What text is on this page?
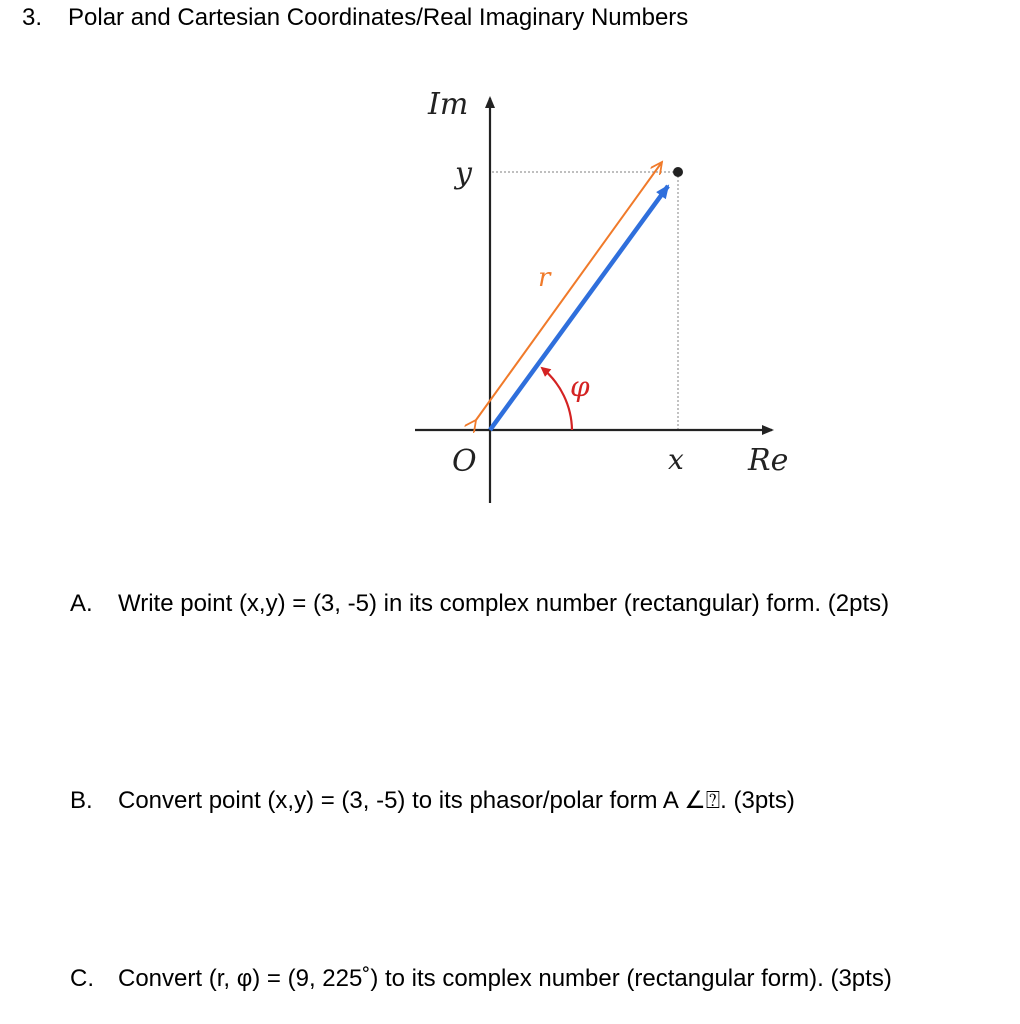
3. Polar and Cartesian Coordinates/Real Imaginary Numbers
Im
y
r
φ
O	x Re
A. Write point (x,y) = (3, -5) in its complex number (rectangular) form. (2pts)
B. Convert point (x,y) = (3, -5) to its phasor/polar form A ∠⍰. (3pts)
C. Convert (r, φ) = (9, 225˚) to its complex number (rectangular form). (3pts)
